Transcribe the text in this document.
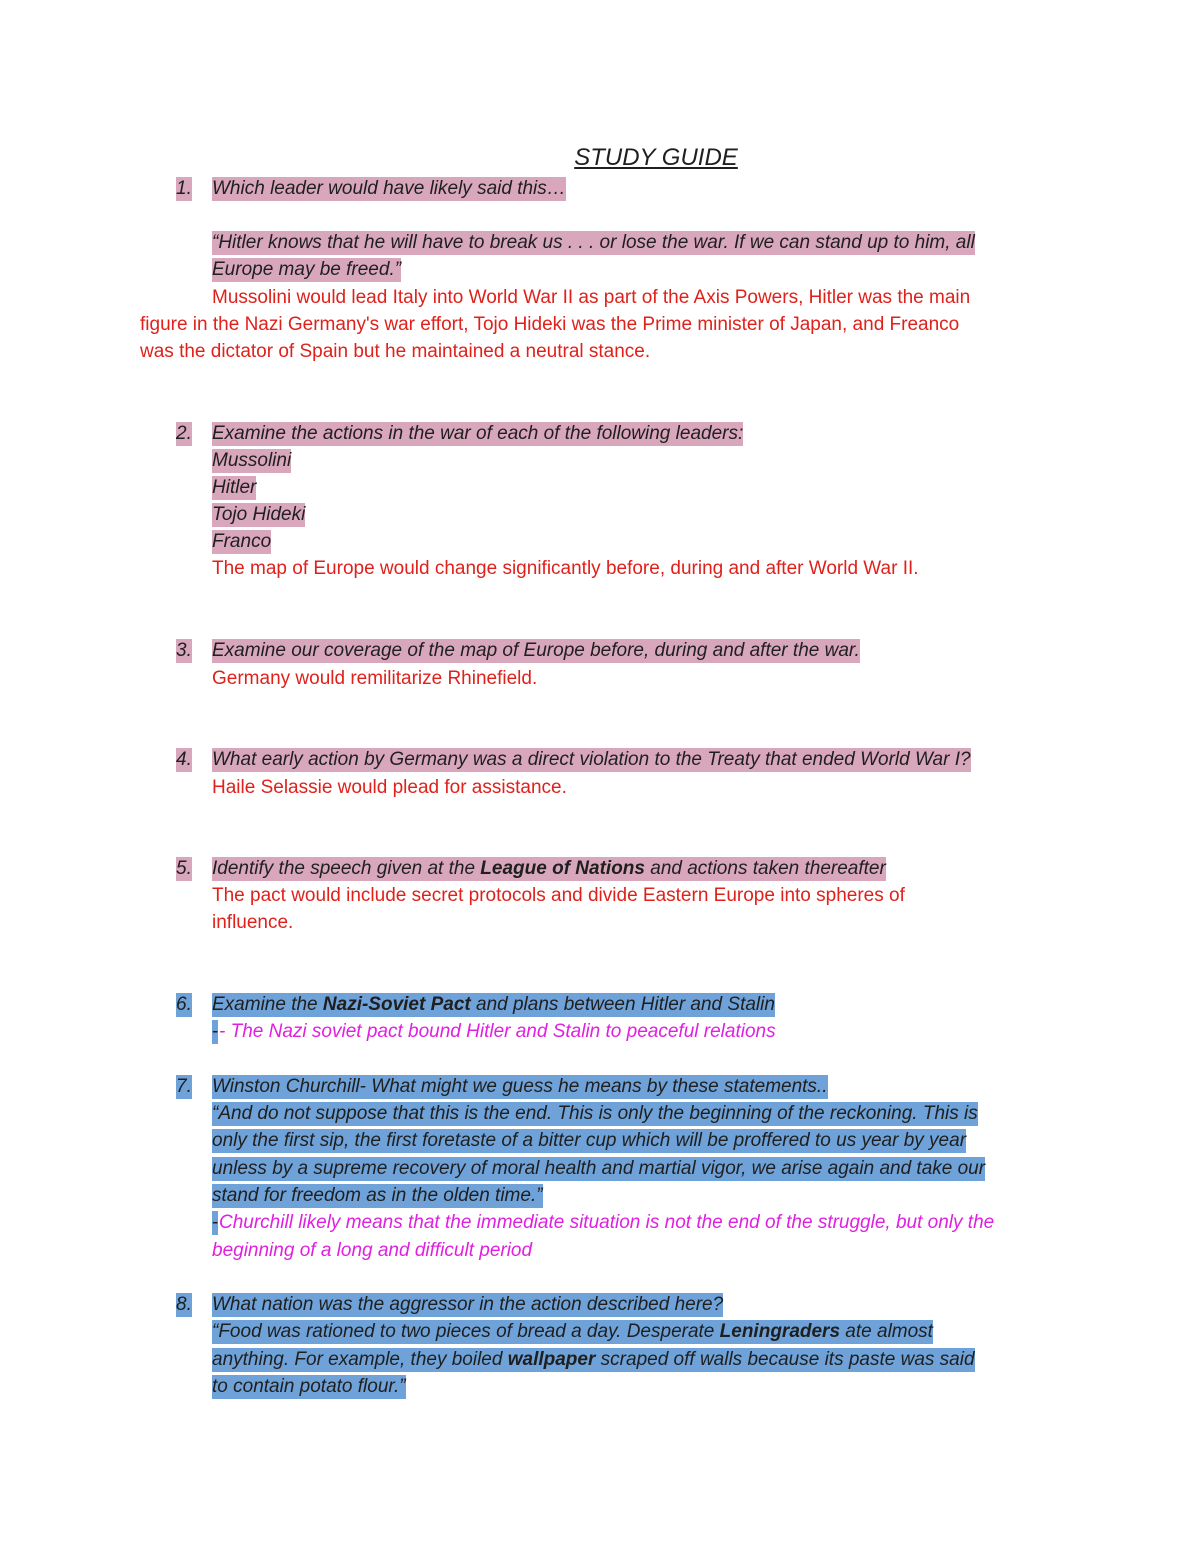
STUDY GUIDE
1. Which leader would have likely said this…
“Hitler knows that he will have to break us . . . or lose the war. If we can stand up to him, all
Europe may be freed.”
Mussolini would lead Italy into World War II as part of the Axis Powers, Hitler was the main
figure in the Nazi Germany's war effort, Tojo Hideki was the Prime minister of Japan, and Freanco
was the dictator of Spain but he maintained a neutral stance.
2. Examine the actions in the war of each of the following leaders:
Mussolini
Hitler
Tojo Hideki
Franco
The map of Europe would change significantly before, during and after World War II.
3. Examine our coverage of the map of Europe before, during and after the war.
Germany would remilitarize Rhinefield.
4. What early action by Germany was a direct violation to the Treaty that ended World War I?
Haile Selassie would plead for assistance.
5. Identify the speech given at the League of Nations and actions taken thereafter
The pact would include secret protocols and divide Eastern Europe into spheres of
influence.
6. Examine the Nazi-Soviet Pact and plans between Hitler and Stalin
- - The Nazi soviet pact bound Hitler and Stalin to peaceful relations
7. Winston Churchill- What might we guess he means by these statements..
“And do not suppose that this is the end. This is only the beginning of the reckoning. This is
only the first sip, the first foretaste of a bitter cup which will be proffered to us year by year
unless by a supreme recovery of moral health and martial vigor, we arise again and take our
stand for freedom as in the olden time.”
- Churchill likely means that the immediate situation is not the end of the struggle, but only the
beginning of a long and difficult period
8. What nation was the aggressor in the action described here?
“Food was rationed to two pieces of bread a day. Desperate Leningraders ate almost
anything. For example, they boiled wallpaper scraped off walls because its paste was said
to contain potato flour.”
